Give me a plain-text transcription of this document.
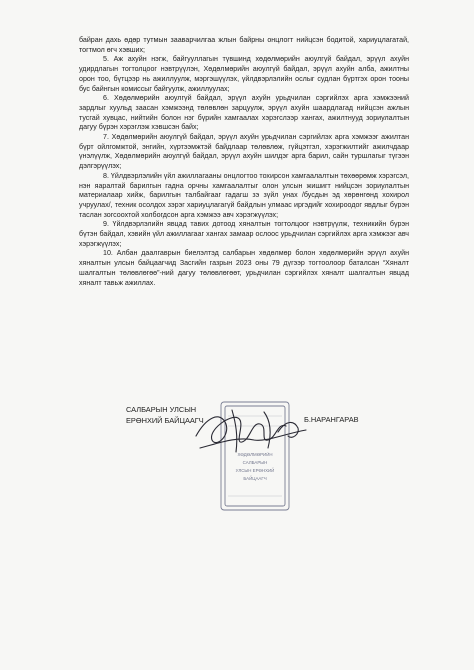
байран дахь өдөр тутмын зааварчилгаа жлын байрны онцлогт нийцсэн бодитой, хариуцлагатай, тогтмол өгч хэвших;

5. Аж ахуйн нэгж, байгууллагын түвшинд хөдөлмөрийн аюулгүй байдал, эрүүл ахуйн удирдлагын тогтолцоог нэвтрүүлэн, Хөдөлмөрийн аюулгүй байдал, эрүүл ахуйн алба, ажилтны орон тоо, бүтцээр нь ажиллуулж, мэргэшүүлэх, үйлдвэрлэлийн ослыг судлан бүртгэх орон тооны бус байнгын комиссыг байгуулж, ажиллуулах;

6. Хөдөлмөрийн аюулгүй байдал, эрүүл ахуйн урьдчилан сэргийлэх арга хэмжээний зардлыг хуульд заасан хэмжээнд төлөвлөн зарцуулж, эрүүл ахуйн шаардлагад нийцсэн ажлын тусгай хувцас, нийтийн болон нэг бүрийн хамгаалах хэрэгслээр хангах, ажилтнууд зориулалтын дагуу бүрэн хэрэглэж хэвшсэн байх;

7. Хөдөлмөрийн аюулгүй байдал, эрүүл ахуйн урьдчилан сэргийлэх арга хэмжээг ажилтан бүрт ойлгомжтой, энгийн, хүртээмжтэй байдлаар төлөвлөж, гүйцэтгэл, хэрэгжилтийг ажилчдаар үнэлүүлж, Хөдөлмөрийн аюулгүй байдал, эрүүл ахуйн шилдэг арга барил, сайн туршлагыг түгээн дэлгэрүүлэх;

8. Үйлдвэрлэлийн үйл ажиллагааны онцлогтоо тохирсон хамгаалалтын төхөөрөмж хэрэгсэл, нэн яаралтай барилгын гадна орчны хамгаалалтыг олон улсын жишигт нийцсэн зориулалтын материалаар хийж, барилгын талбайгааг гадагш зэ зүйл унах /бусдын эд хөрөнгөнд хохирол учруулах/, техник осолдох зэрэг хариуцлагагүй байдлын улмаас иргэдийг хохироодог явдлыг бүрэн таслан зогсоохтой холбогдсон арга хэмжээ авч хэрэгжүүлэх;

9. Үйлдвэрлэлийн явцад тавих дотоод хяналтын тогтолцоог нэвтрүүлж, техникийн бүрэн бүтэн байдал, хэвийн үйл ажиллагааг хангах замаар ослоос урьдчилан сэргийлэх арга хэмжээг авч хэрэгжүүлэх;

10. Албан даалгаврын биелэлтэд салбарын хөдөлмөр болон хөдөлмөрийн эрүүл ахуйн хяналтын улсын байцаагчид Засгийн газрын 2023 оны 79 дүгээр тогтоолоор баталсан “Хяналт шалгалтын төлөвлөгөө”-ний дагуу төлөвлөгөөт, урьдчилан сэргийлэх хяналт шалгалтын явцад хяналт тавьж ажиллах.

ХӨДӨЛМӨРИЙН
САЛБАРЫН
УЛСЫН ЕРӨНХИЙ
БАЙЦААГЧ
САЛБАРЫН УЛСЫН
ЕРӨНХИЙ БАЙЦААГЧ	Б.НАРАНГАРАВ
